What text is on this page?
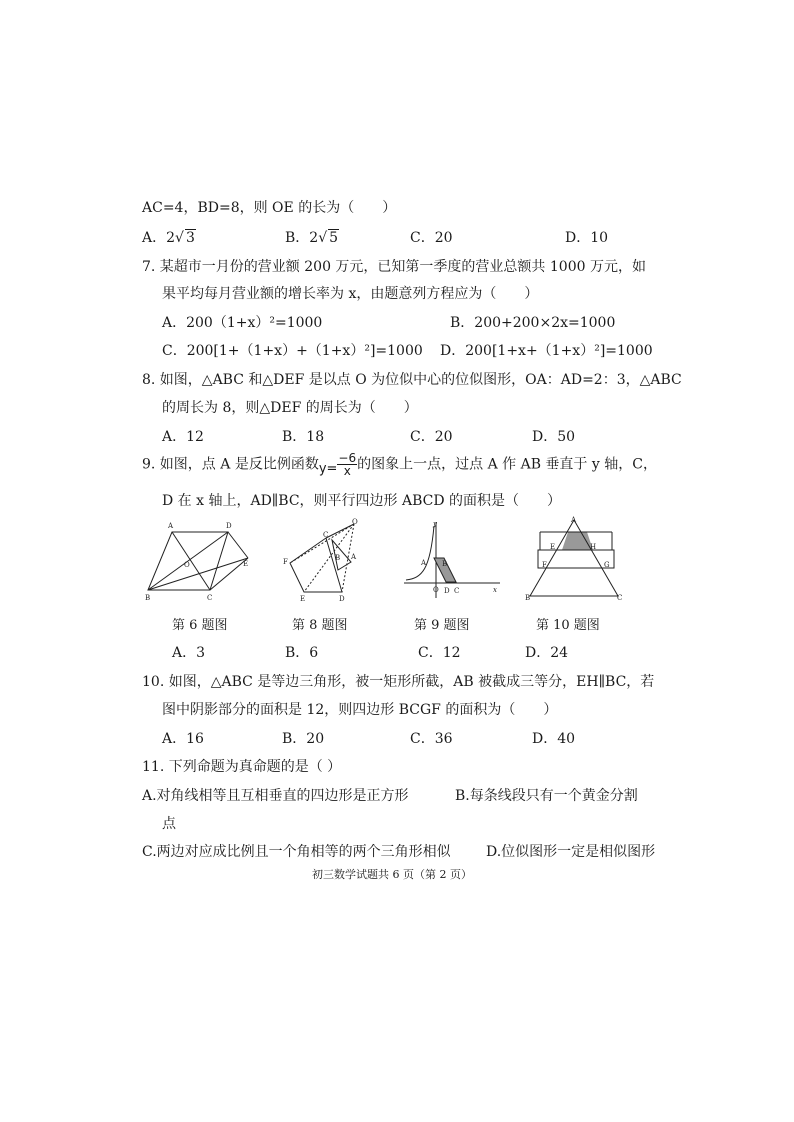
AC=4，BD=8，则 OE 的长为（　　）
A．2√ 3	B．2√ 5	C．20	D．10
7. 某超市一月份的营业额 200 万元，已知第一季度的营业总额共 1000 万元，如
果平均每月营业额的增长率为 x，由题意列方程应为（　　）
A．200（1+x）²=1000	B．200+200×2x=1000
C．200[1+（1+x）+（1+x）²]=1000 D．200[1+x+（1+x）²]=1000
8. 如图，△ABC 和△DEF 是以点 O 为位似中心的位似图形，OA：AD=2：3，△ABC
的周长为 8，则△DEF 的周长为（　　）
A．12	B．18	C．20	D．50
9. 如图，点 A 是反比例函数$y= \frac{-6}{x}$ 的图象上一点，过点 A 作 AB 垂直于 y 轴，C，
D 在 x 轴上，AD∥BC，则平行四边形 ABCD 的面积是（　　）
A	D
O	E
B	C
O
C
A
B
F
E	D
y
A B
O D C	x
A
E	H
F	G
B	C
第 6 题图	第 8 题图	第 9 题图	第 10 题图
A．3	B．6	C．12	D．24
10. 如图，△ABC 是等边三角形，被一矩形所截，AB 被截成三等分，EH∥BC，若
图中阴影部分的面积是 12，则四边形 BCGF 的面积为（　　）
A．16	B．20	C．36	D．40
11. 下列命题为真命题的是（ ）
A.对角线相等且互相垂直的四边形是正方形	B.每条线段只有一个黄金分割
点
C.两边对应成比例且一个角相等的两个三角形相似	D.位似图形一定是相似图形
初三数学试题共 6 页（第 2 页）
